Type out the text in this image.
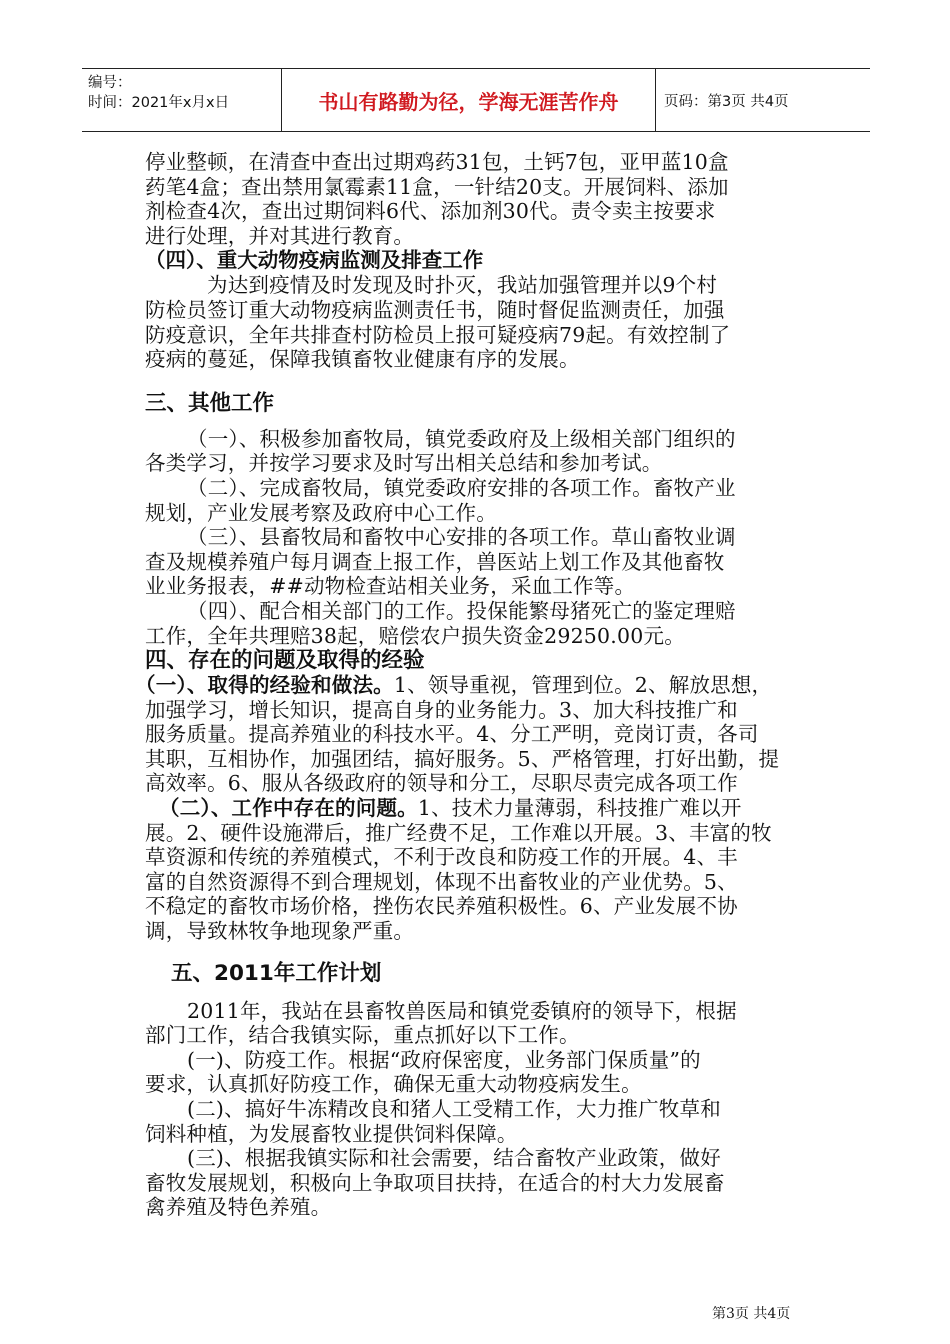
编号：
时间：2021年x月x日	书山有路勤为径，学海无涯苦作舟	页码：第3页 共4页
停业整顿，在清查中查出过期鸡药31包，土钙7包，亚甲蓝10盒
药笔4盒；查出禁用氯霉素11盒，一针结20支。开展饲料、添加
剂检查4次，查出过期饲料6代、添加剂30代。责令卖主按要求
进行处理，并对其进行教育。
（四）、重大动物疫病监测及排查工作
为达到疫情及时发现及时扑灭，我站加强管理并以9个村
防检员签订重大动物疫病监测责任书，随时督促监测责任，加强
防疫意识，全年共排查村防检员上报可疑疫病79起。有效控制了
疫病的蔓延，保障我镇畜牧业健康有序的发展。
三、其他工作
（一）、积极参加畜牧局，镇党委政府及上级相关部门组织的
各类学习，并按学习要求及时写出相关总结和参加考试。
（二）、完成畜牧局，镇党委政府安排的各项工作。畜牧产业
规划，产业发展考察及政府中心工作。
（三）、县畜牧局和畜牧中心安排的各项工作。草山畜牧业调
查及规模养殖户每月调查上报工作，兽医站上划工作及其他畜牧
业业务报表，##动物检查站相关业务，采血工作等。
（四）、配合相关部门的工作。投保能繁母猪死亡的鉴定理赔
工作，全年共理赔38起，赔偿农户损失资金29250.00元。
四、存在的问题及取得的经验
（一）、取得的经验和做法。1、领导重视，管理到位。2、解放思想，
加强学习，增长知识，提高自身的业务能力。3、加大科技推广和
服务质量。提高养殖业的科技水平。4、分工严明，竞岗订责，各司
其职，互相协作，加强团结，搞好服务。5、严格管理，打好出勤，提
高效率。6、服从各级政府的领导和分工，尽职尽责完成各项工作
（二）、工作中存在的问题。1、技术力量薄弱，科技推广难以开
展。2、硬件设施滞后，推广经费不足，工作难以开展。3、丰富的牧
草资源和传统的养殖模式，不利于改良和防疫工作的开展。4、丰
富的自然资源得不到合理规划，体现不出畜牧业的产业优势。5、
不稳定的畜牧市场价格，挫伤农民养殖积极性。6、产业发展不协
调，导致林牧争地现象严重。
五、2011年工作计划
2011年，我站在县畜牧兽医局和镇党委镇府的领导下，根据
部门工作，结合我镇实际，重点抓好以下工作。
(一)、防疫工作。根据“政府保密度，业务部门保质量”的
要求，认真抓好防疫工作，确保无重大动物疫病发生。
(二)、搞好牛冻精改良和猪人工受精工作，大力推广牧草和
饲料种植，为发展畜牧业提供饲料保障。
(三)、根据我镇实际和社会需要，结合畜牧产业政策，做好
畜牧发展规划，积极向上争取项目扶持，在适合的村大力发展畜
禽养殖及特色养殖。
第3页 共4页
